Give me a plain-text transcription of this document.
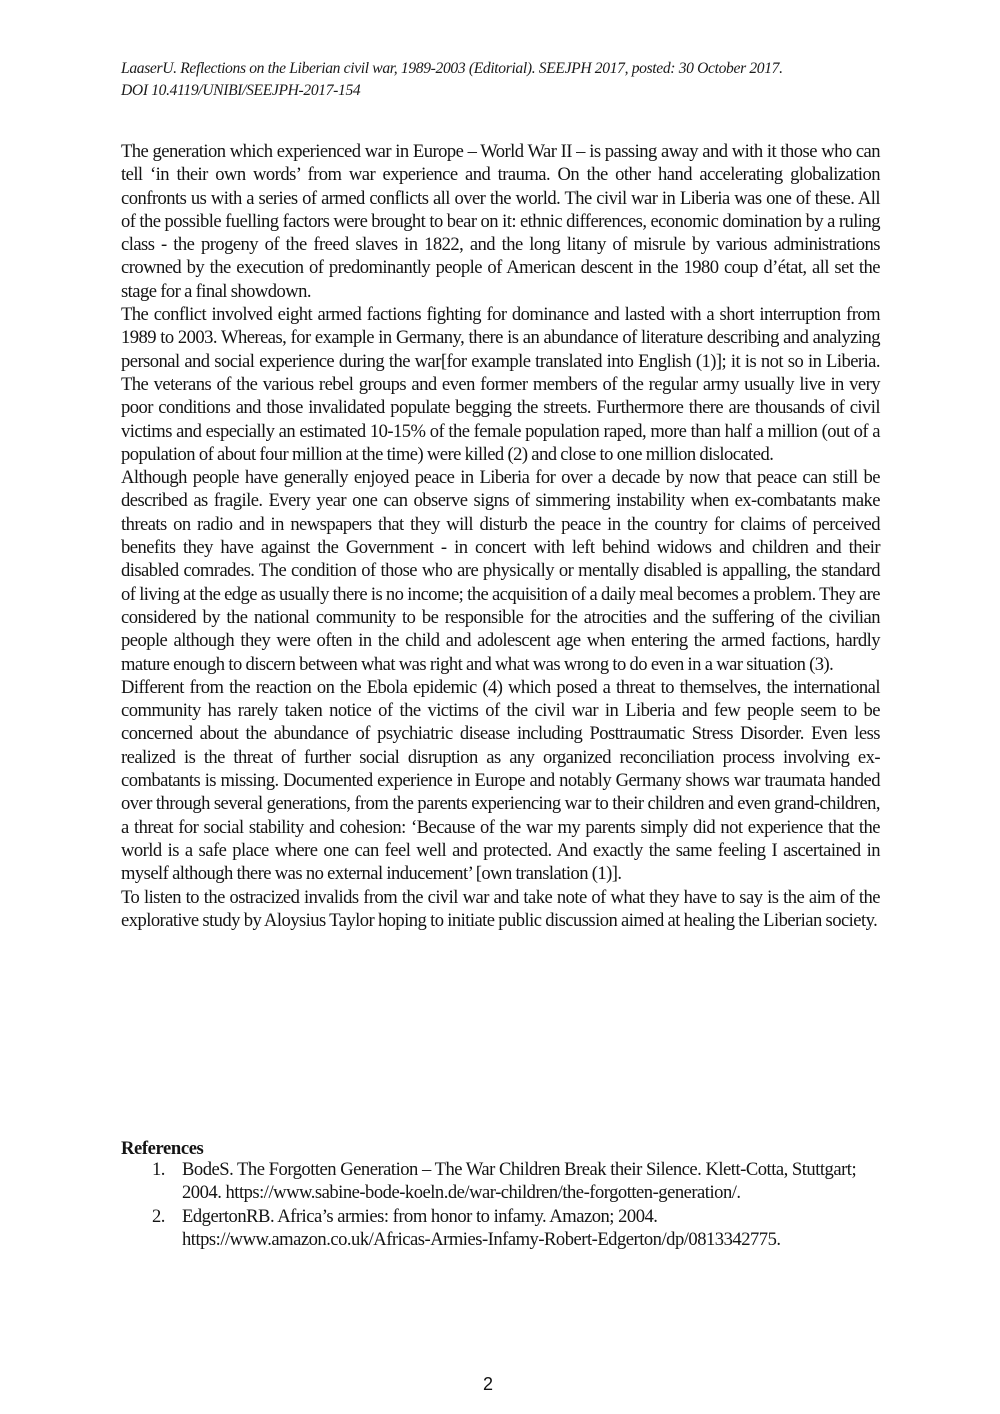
LaaserU. Reflections on the Liberian civil war, 1989-2003 (Editorial). SEEJPH 2017, posted: 30 October 2017.
DOI 10.4119/UNIBI/SEEJPH-2017-154

The generation which experienced war in Europe – World War II – is passing away and with it those who can tell ‘in their own words’ from war experience and trauma. On the other hand accelerating globalization confronts us with a series of armed conflicts all over the world. The civil war in Liberia was one of these. All of the possible fuelling factors were brought to bear on it: ethnic differences, economic domination by a ruling class - the progeny of the freed slaves in 1822, and the long litany of misrule by various administrations crowned by the execution of predominantly people of American descent in the 1980 coup d’état, all set the stage for a final showdown.

The conflict involved eight armed factions fighting for dominance and lasted with a short interruption from 1989 to 2003. Whereas, for example in Germany, there is an abundance of literature describing and analyzing personal and social experience during the war[for example translated into English (1)]; it is not so in Liberia. The veterans of the various rebel groups and even former members of the regular army usually live in very poor conditions and those invalidated populate begging the streets. Furthermore there are thousands of civil victims and especially an estimated 10-15% of the female population raped, more than half a million (out of a population of about four million at the time) were killed (2) and close to one million dislocated.

Although people have generally enjoyed peace in Liberia for over a decade by now that peace can still be described as fragile. Every year one can observe signs of simmering instability when ex-combatants make threats on radio and in newspapers that they will disturb the peace in the country for claims of perceived benefits they have against the Government - in concert with left behind widows and children and their disabled comrades. The condition of those who are physically or mentally disabled is appalling, the standard of living at the edge as usually there is no income; the acquisition of a daily meal becomes a problem. They are considered by the national community to be responsible for the atrocities and the suffering of the civilian people although they were often in the child and adolescent age when entering the armed factions, hardly mature enough to discern between what was right and what was wrong to do even in a war situation (3).

Different from the reaction on the Ebola epidemic (4) which posed a threat to themselves, the international community has rarely taken notice of the victims of the civil war in Liberia and few people seem to be concerned about the abundance of psychiatric disease including Posttraumatic Stress Disorder. Even less realized is the threat of further social disruption as any organized reconciliation process involving ex-combatants is missing. Documented experience in Europe and notably Germany shows war traumata handed over through several generations, from the parents experiencing war to their children and even grand-children, a threat for social stability and cohesion: ‘Because of the war my parents simply did not experience that the world is a safe place where one can feel well and protected. And exactly the same feeling I ascertained in myself although there was no external inducement’ [own translation (1)].

To listen to the ostracized invalids from the civil war and take note of what they have to say is the aim of the explorative study by Aloysius Taylor hoping to initiate public discussion aimed at healing the Liberian society.

References
1. BodeS. The Forgotten Generation – The War Children Break their Silence. Klett-Cotta, Stuttgart; 2004. https://www.sabine-bode-koeln.de/war-children/the-forgotten-generation/.
2. EdgertonRB. Africa’s armies: from honor to infamy. Amazon; 2004. https://www.amazon.co.uk/Africas-Armies-Infamy-Robert-Edgerton/dp/0813342775.
2
